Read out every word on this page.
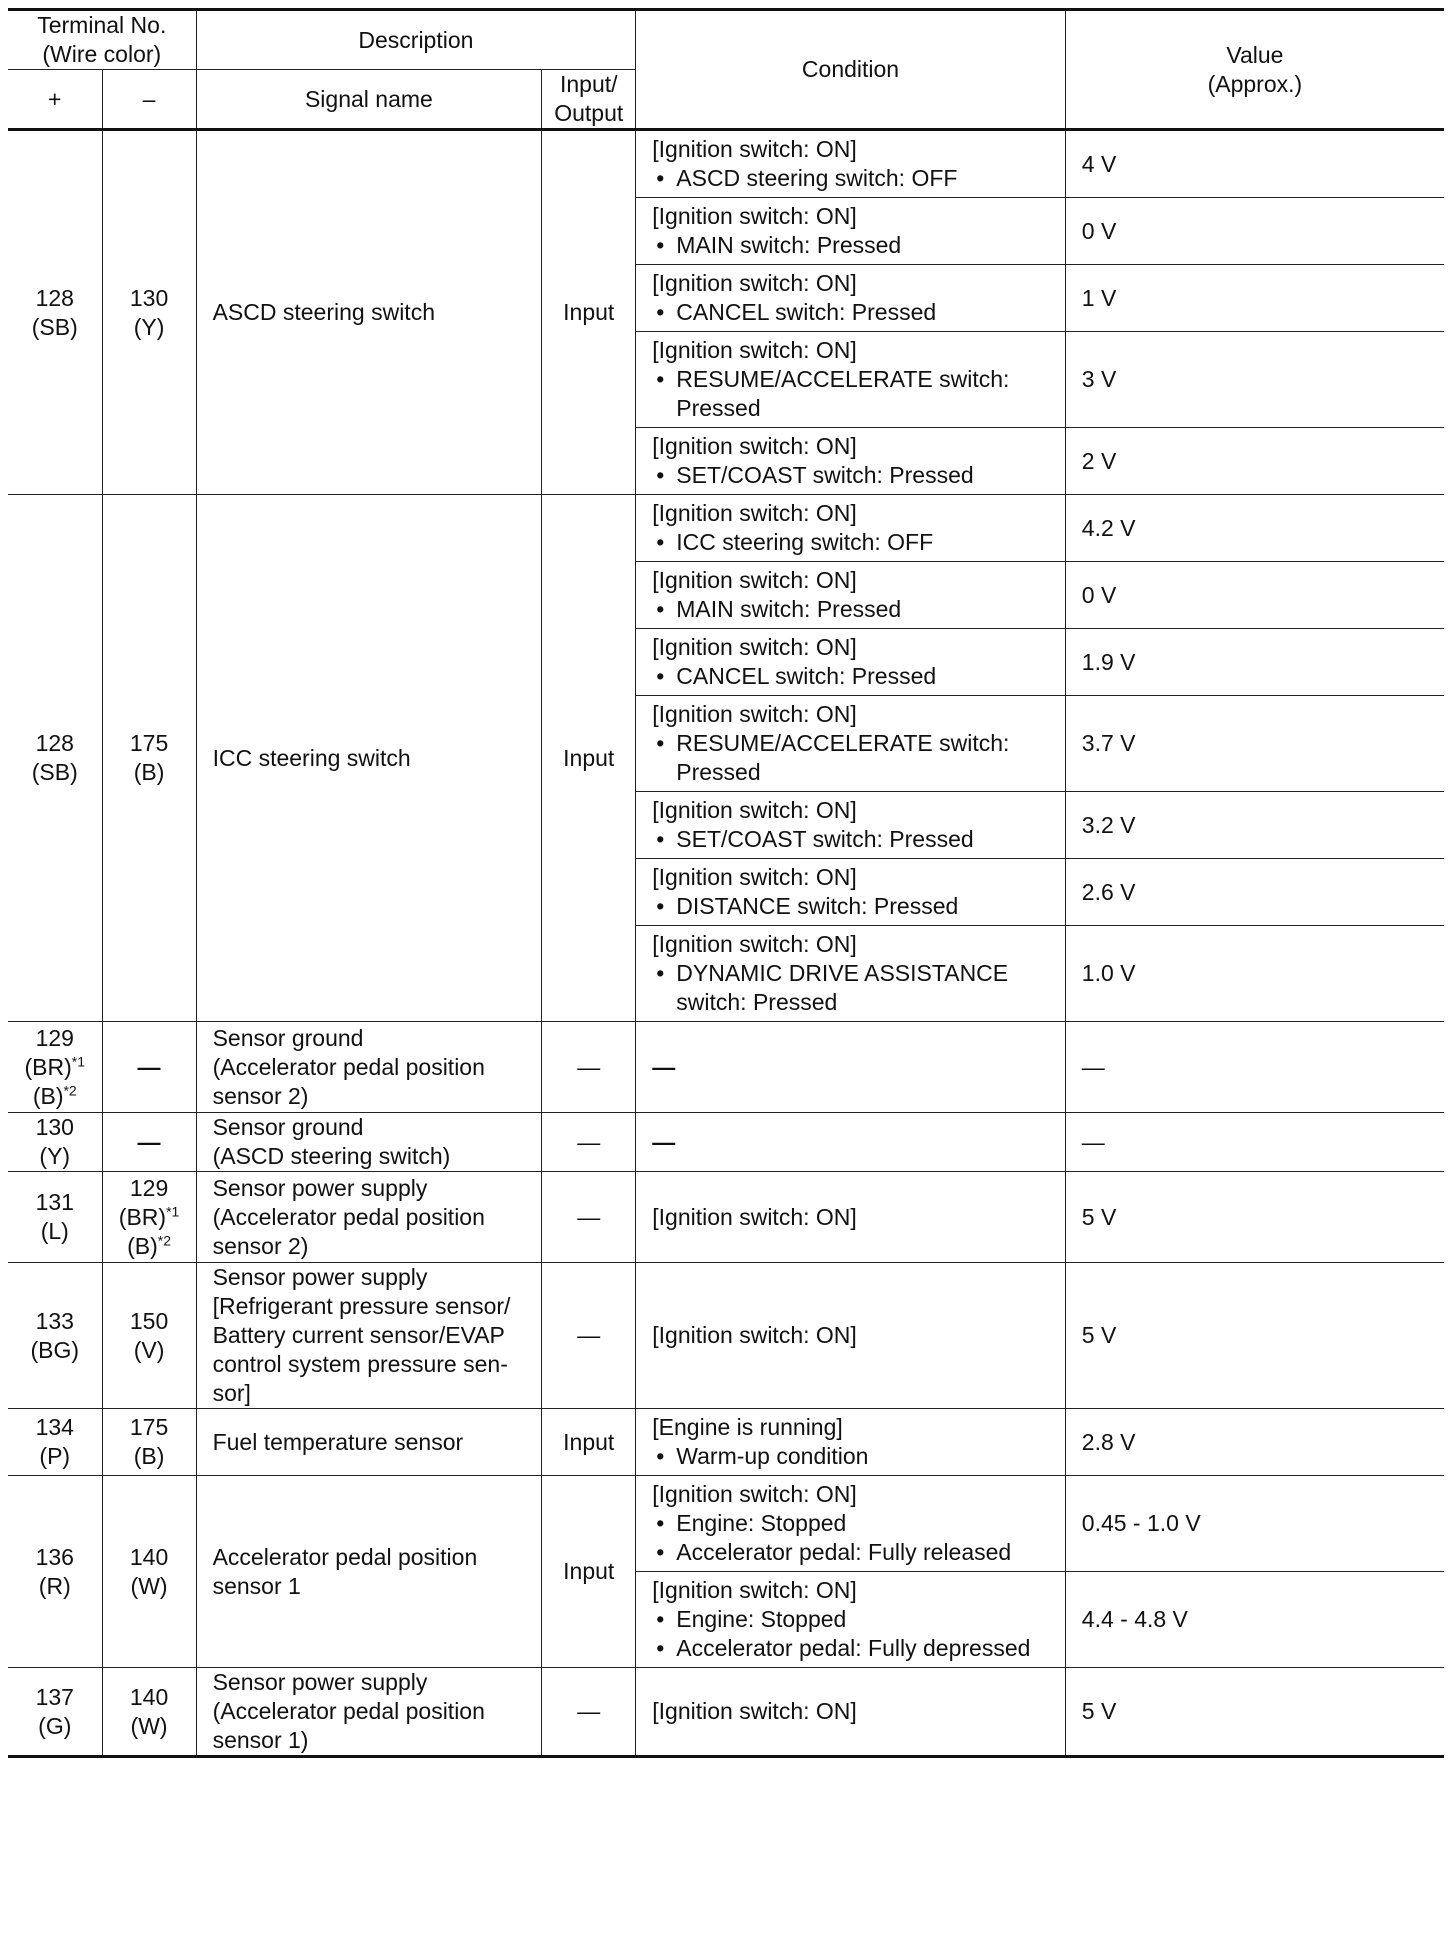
Terminal No.
(Wire color)		Description		Condition	Value
(Approx.)

+	–	Signal name	Input/
Output		

128
(SB)	130
(Y)	ASCD steering switch	Input	[Ignition switch: ON]
• ASCD steering switch: OFF	4 V

				[Ignition switch: ON]
• MAIN switch: Pressed	0 V

				[Ignition switch: ON]
• CANCEL switch: Pressed	1 V

				[Ignition switch: ON]
• RESUME/ACCELERATE switch: Pressed	3 V

				[Ignition switch: ON]
• SET/COAST switch: Pressed	2 V

128
(SB)	175
(B)	ICC steering switch	Input	[Ignition switch: ON]
• ICC steering switch: OFF	4.2 V

				[Ignition switch: ON]
• MAIN switch: Pressed	0 V

				[Ignition switch: ON]
• CANCEL switch: Pressed	1.9 V

				[Ignition switch: ON]
• RESUME/ACCELERATE switch: Pressed	3.7 V

				[Ignition switch: ON]
• SET/COAST switch: Pressed	3.2 V

				[Ignition switch: ON]
• DISTANCE switch: Pressed	2.6 V

				[Ignition switch: ON]
• DYNAMIC DRIVE ASSISTANCE switch: Pressed	1.0 V

129
(BR)$^{*1}$
$(B)^{*2}$	—	Sensor ground
(Accelerator pedal position
sensor 2)	—	—	—

130
(Y)	—	Sensor ground
(ASCD steering switch)	—	—	—

131
(L)	129
(BR)$^{*1}$
$(B)^{*2}$	Sensor power supply
(Accelerator pedal position
sensor 2)	—	[Ignition switch: ON]	5 V

133
(BG)	150
(V)	Sensor power supply
[Refrigerant pressure sensor/
Battery current sensor/EVAP
control system pressure sen-
sor]	—	[Ignition switch: ON]	5 V

134
(P)	175
(B)	Fuel temperature sensor	Input	[Engine is running]
• Warm-up condition	2.8 V

136
(R)	140
(W)	Accelerator pedal position
sensor 1	Input	[Ignition switch: ON]
• Engine: Stopped
• Accelerator pedal: Fully released	0.45 - 1.0 V

				[Ignition switch: ON]
• Engine: Stopped
• Accelerator pedal: Fully depressed	4.4 - 4.8 V

137
(G)	140
(W)	Sensor power supply
(Accelerator pedal position
sensor 1)	—	[Ignition switch: ON]	5 V
